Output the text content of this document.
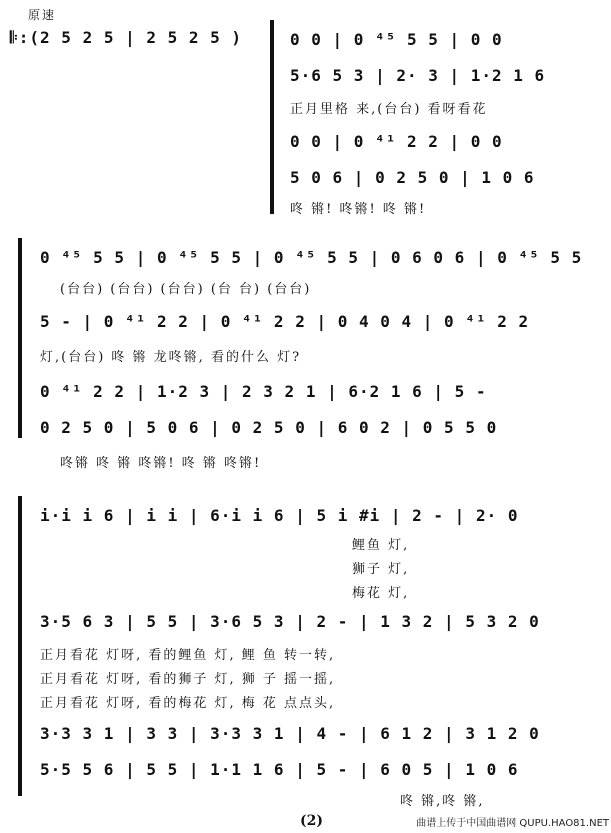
原速
𝄆:(2 5 2 5 | 2 5 2 5 )	0 0 | 0 ⁴⁵ 5 5 | 0 0
5·6 5 3 | 2· 3 | 1·2 1 6
正月里格 来,(台台) 看呀看花
0 0 | 0 ⁴¹ 2 2 | 0 0
5 0 6 | 0 2 5 0 | 1 0 6
咚 锵! 咚锵! 咚 锵!
0 ⁴⁵ 5 5 | 0 ⁴⁵ 5 5 | 0 ⁴⁵ 5 5 | 0 6 0 6 | 0 ⁴⁵ 5 5
(台台) (台台) (台台) (台 台) (台台)
5 - | 0 ⁴¹ 2 2 | 0 ⁴¹ 2 2 | 0 4 0 4 | 0 ⁴¹ 2 2
灯,(台台) 咚 锵 龙咚锵, 看的什么 灯?
0 ⁴¹ 2 2 | 1·2 3 | 2 3 2 1 | 6·2 1 6 | 5 -
0 2 5 0 | 5 0 6 | 0 2 5 0 | 6 0 2 | 0 5 5 0
咚锵 咚 锵 咚锵! 咚 锵 咚锵!
i·i i 6 | i i | 6·i i 6 | 5 i #i | 2 - | 2· 0
鲤鱼 灯,
狮子 灯,
梅花 灯,
3·5 6 3 | 5 5 | 3·6 5 3 | 2 - | 1 3 2 | 5 3 2 0
正月看花 灯呀, 看的鲤鱼 灯, 鲤 鱼 转一转,
正月看花 灯呀, 看的狮子 灯, 狮 子 摇一摇,
正月看花 灯呀, 看的梅花 灯, 梅 花 点点头,
3·3 3 1 | 3 3 | 3·3 3 1 | 4 - | 6 1 2 | 3 1 2 0
5·5 5 6 | 5 5 | 1·1 1 6 | 5 - | 6 0 5 | 1 0 6
咚 锵,咚 锵,
(2)	曲谱上传于中国曲谱网 QUPU.HAO81.NET
